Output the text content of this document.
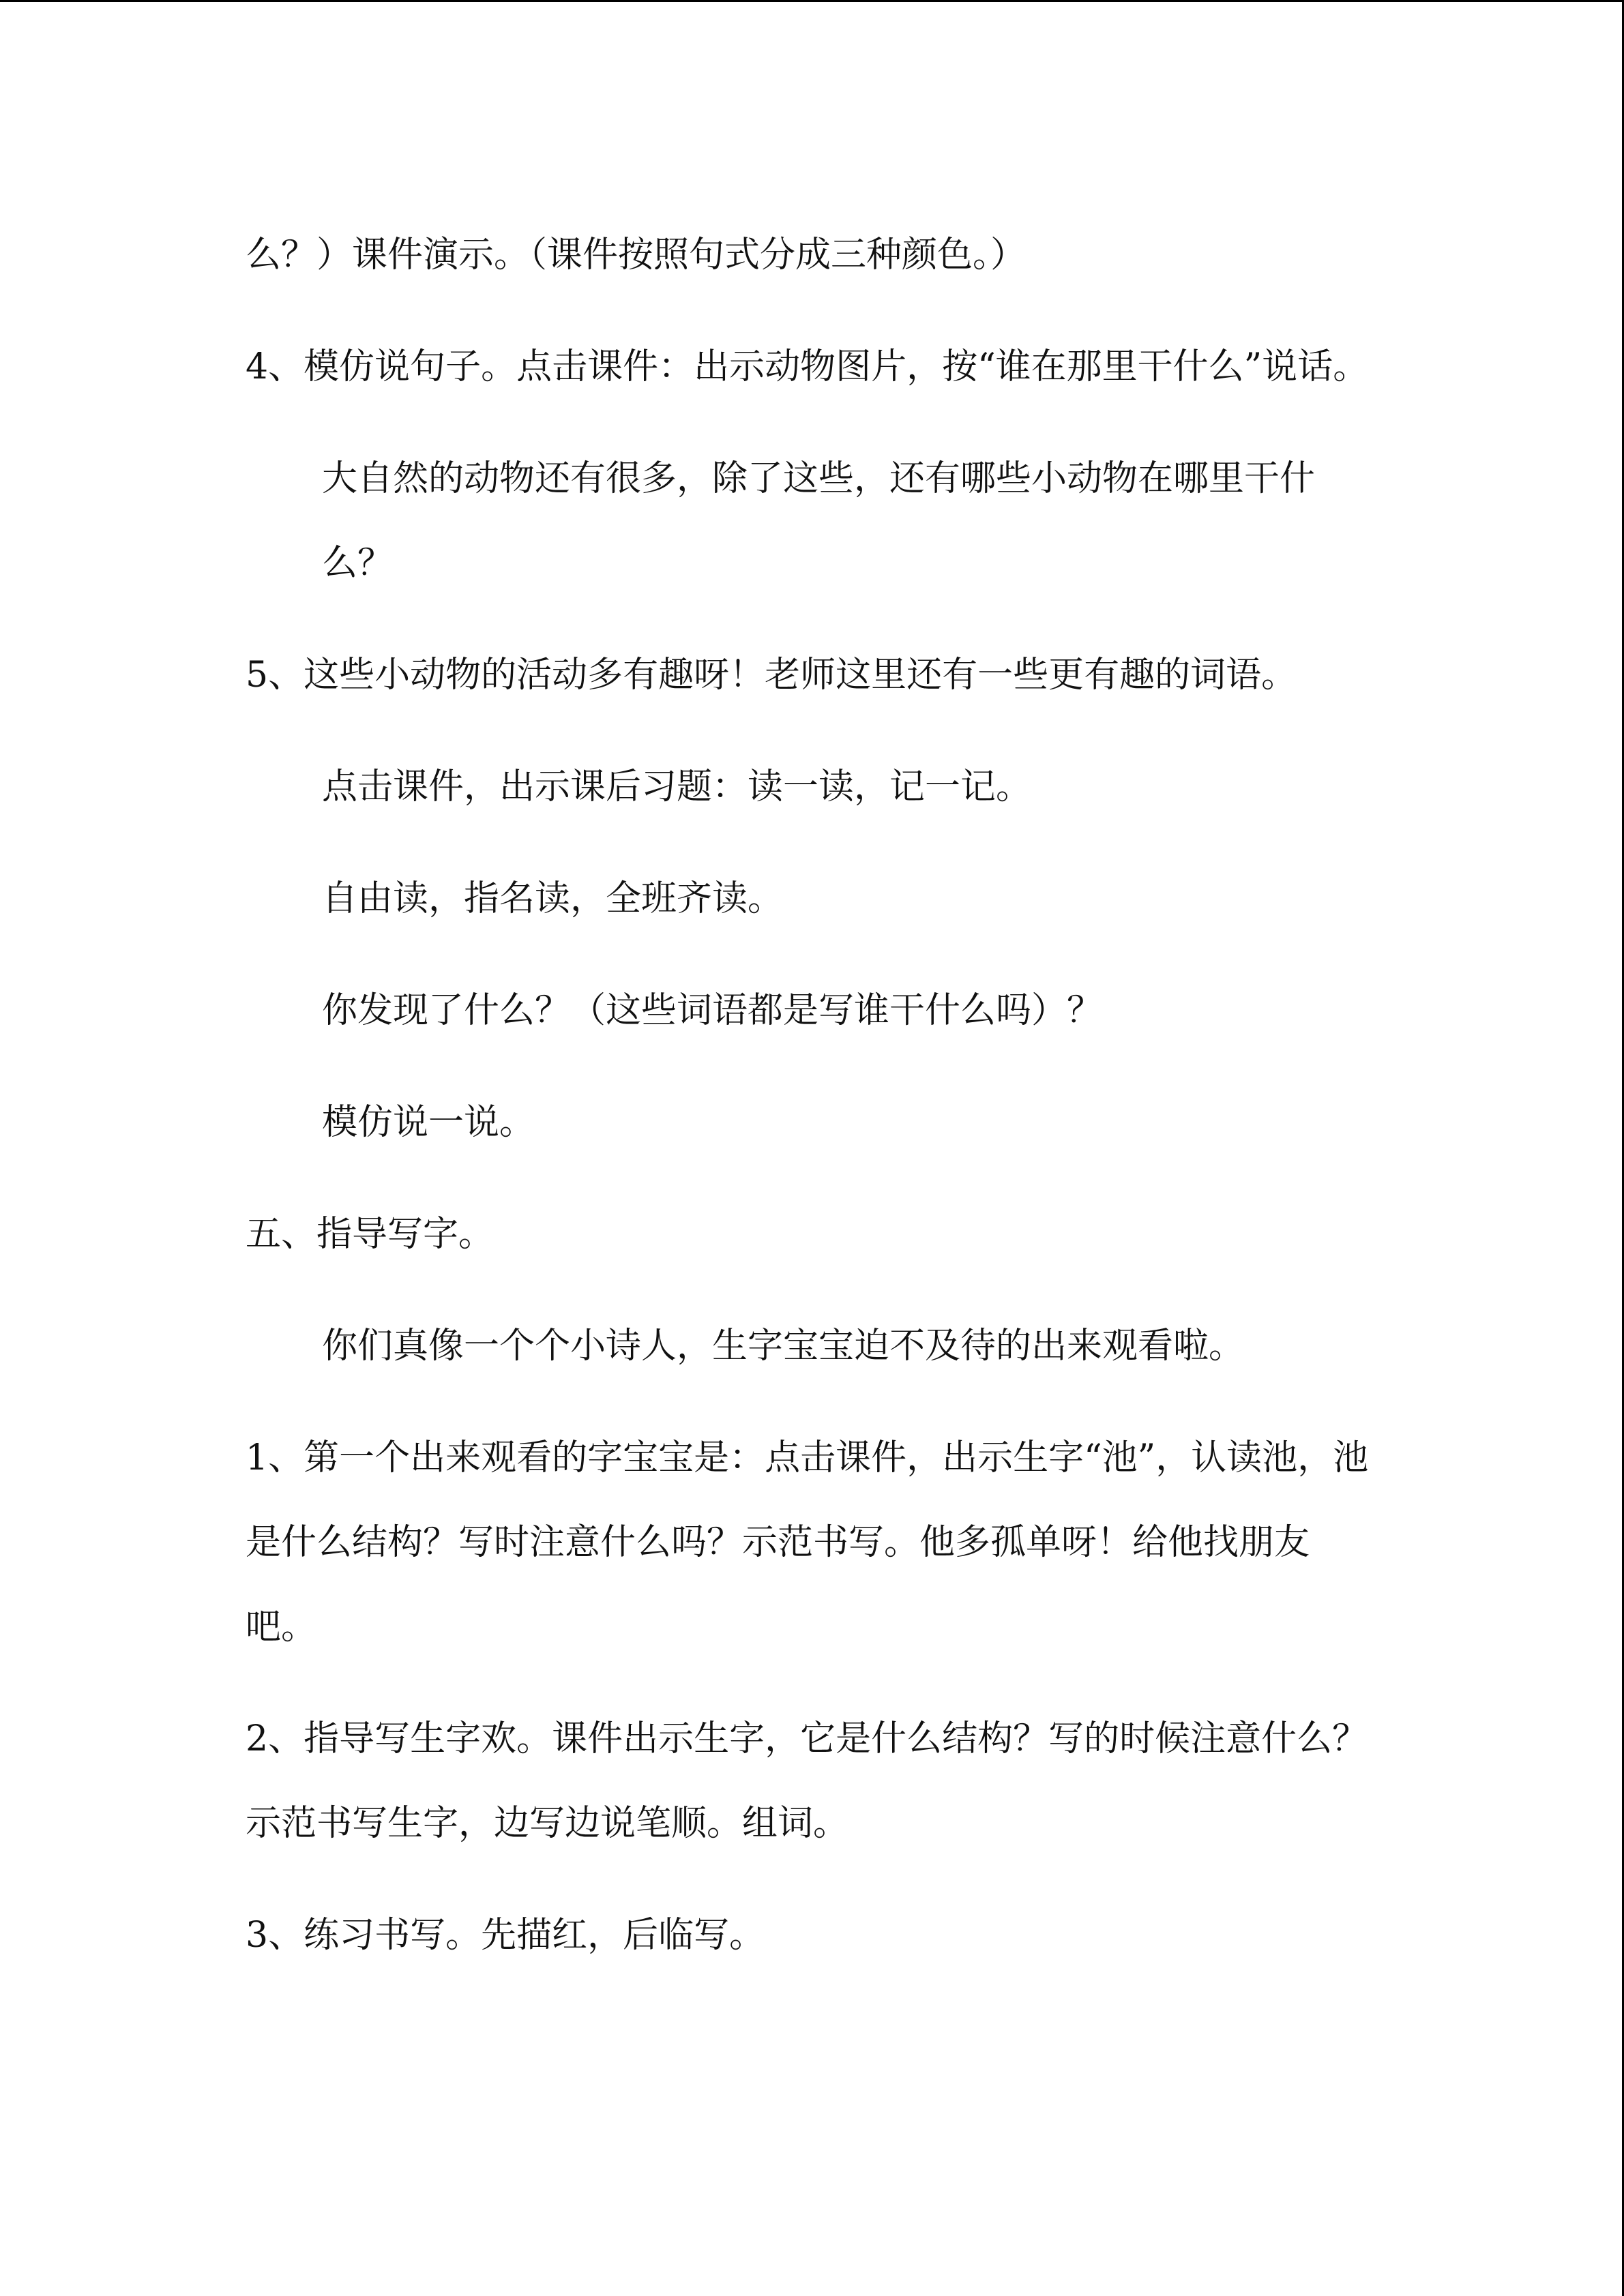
么？）课件演示。（课件按照句式分成三种颜色。）

4、模仿说句子。点击课件：出示动物图片，按“谁在那里干什么”说话。

大自然的动物还有很多，除了这些，还有哪些小动物在哪里干什么？

5、这些小动物的活动多有趣呀！老师这里还有一些更有趣的词语。

点击课件，出示课后习题：读一读，记一记。

自由读，指名读，全班齐读。

你发现了什么？（这些词语都是写谁干什么吗）？

模仿说一说。

五、指导写字。

你们真像一个个小诗人，生字宝宝迫不及待的出来观看啦。

1、第一个出来观看的字宝宝是：点击课件，出示生字“池”，认读池，池是什么结构？写时注意什么吗？示范书写。他多孤单呀！给他找朋友吧。

2、指导写生字欢。课件出示生字，它是什么结构？写的时候注意什么？示范书写生字，边写边说笔顺。组词。

3、练习书写。先描红，后临写。
